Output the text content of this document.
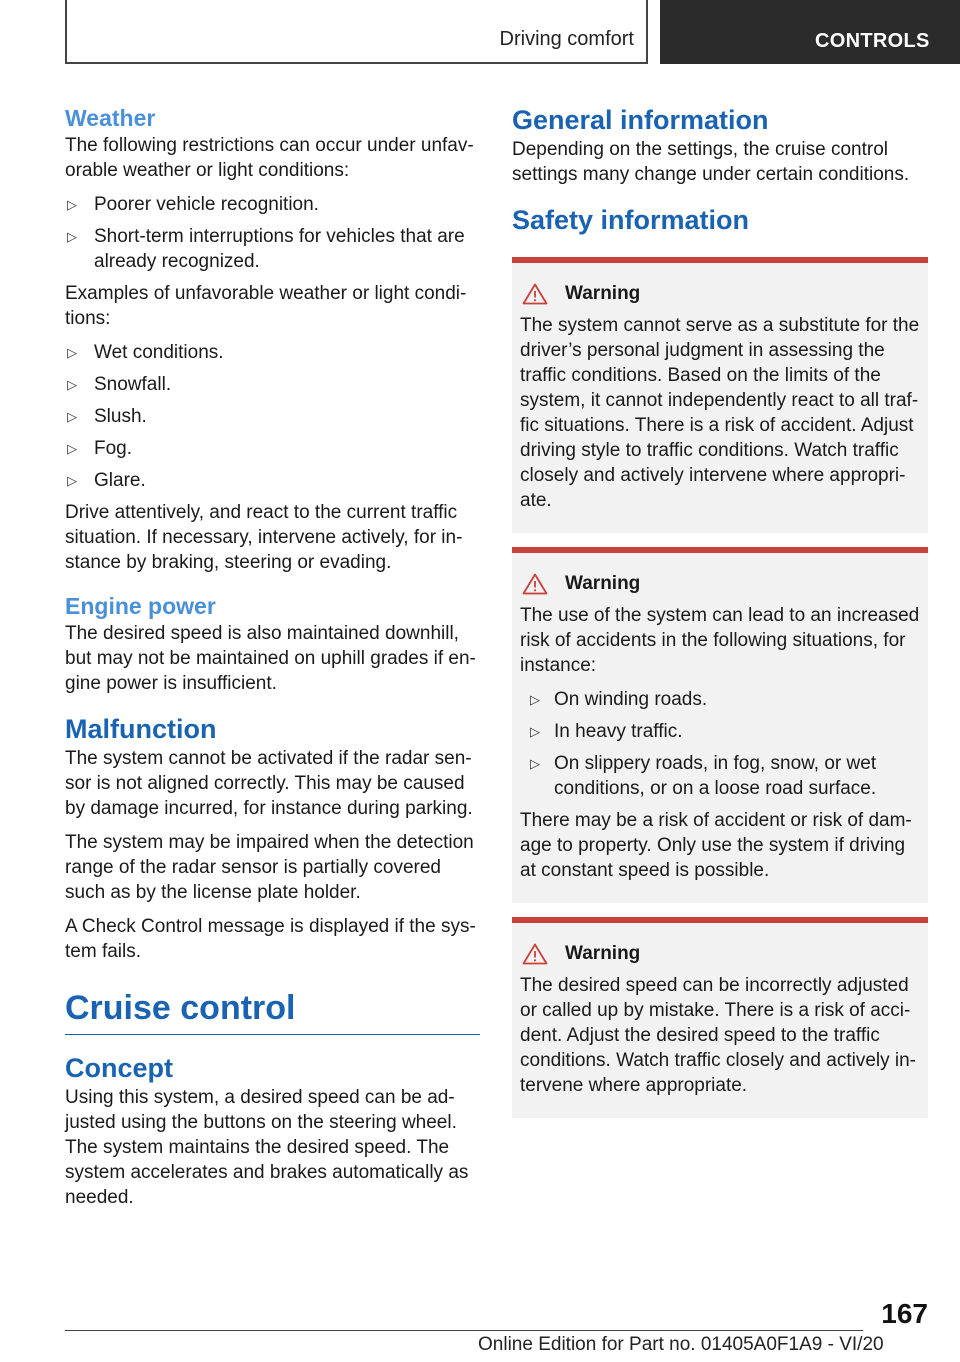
Driving comfort	CONTROLS
Weather

The following restrictions can occur under unfav‐orable weather or light conditions:

▷ Poorer vehicle recognition.
▷ Short-term interruptions for vehicles that are already recognized.

Examples of unfavorable weather or light condi‐tions:

▷ Wet conditions.
▷ Snowfall.
▷ Slush.
▷ Fog.
▷ Glare.

Drive attentively, and react to the current traffic situation. If necessary, intervene actively, for in‐stance by braking, steering or evading.

Engine power

The desired speed is also maintained downhill, but may not be maintained on uphill grades if en‐gine power is insufficient.

Malfunction

The system cannot be activated if the radar sen‐sor is not aligned correctly. This may be caused by damage incurred, for instance during parking.

The system may be impaired when the detection range of the radar sensor is partially covered such as by the license plate holder.

A Check Control message is displayed if the sys‐tem fails.

Cruise control
Concept

Using this system, a desired speed can be ad‐justed using the buttons on the steering wheel. The system maintains the desired speed. The system accelerates and brakes automatically as needed.

General information

Depending on the settings, the cruise control settings many change under certain conditions.

Safety information
Warning

The system cannot serve as a substitute for the driver’s personal judgment in assessing the traffic conditions. Based on the limits of the system, it cannot independently react to all traf‐fic situations. There is a risk of accident. Adjust driving style to traffic conditions. Watch traffic closely and actively intervene where appropri‐ate.

Warning

The use of the system can lead to an increased risk of accidents in the following situations, for instance:

▷ On winding roads.
▷ In heavy traffic.
▷ On slippery roads, in fog, snow, or wet conditions, or on a loose road surface.

There may be a risk of accident or risk of dam‐age to property. Only use the system if driving at constant speed is possible.

Warning

The desired speed can be incorrectly adjusted or called up by mistake. There is a risk of acci‐dent. Adjust the desired speed to the traffic conditions. Watch traffic closely and actively in‐tervene where appropriate.

167
Online Edition for Part no. 01405A0F1A9 - VI/20
